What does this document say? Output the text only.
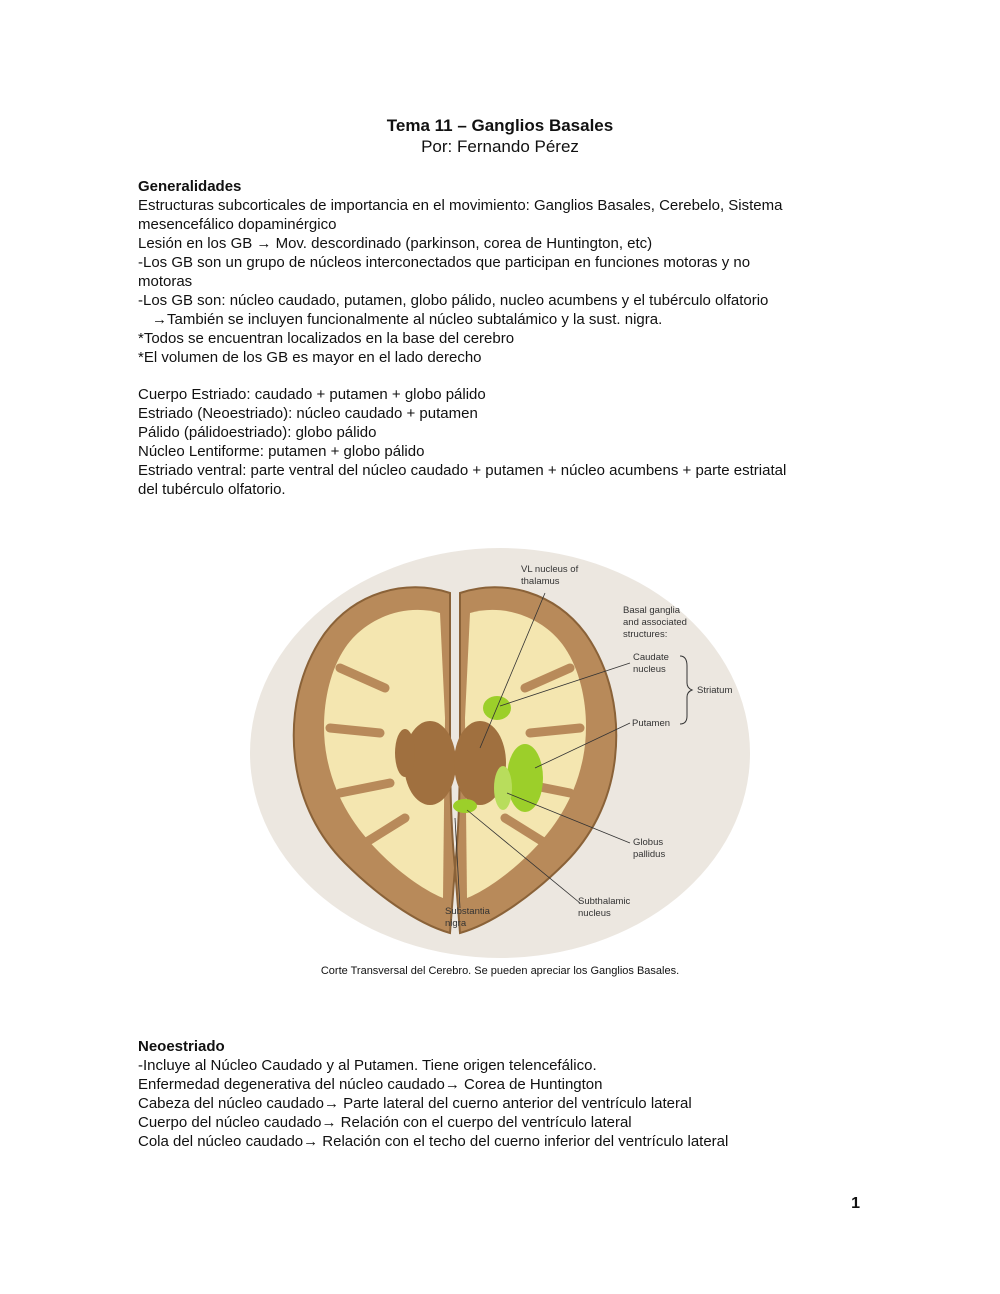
Tema 11 – Ganglios Basales
Por: Fernando Pérez
Generalidades
Estructuras subcorticales de importancia en el movimiento: Ganglios Basales, Cerebelo, Sistema
mesencefálico dopaminérgico
Lesión en los GB → Mov. descordinado (parkinson, corea de Huntington, etc)
-Los GB son un grupo de núcleos interconectados que participan en funciones motoras y no
motoras
-Los GB son: núcleo caudado, putamen, globo pálido, nucleo acumbens y el tubérculo olfatorio
→También se incluyen funcionalmente al núcleo subtalámico y la sust. nigra.
*Todos se encuentran localizados en la base del cerebro
*El volumen de los GB es mayor en el lado derecho
Cuerpo Estriado: caudado + putamen + globo pálido
Estriado (Neoestriado): núcleo caudado + putamen
Pálido (pálidoestriado): globo pálido
Núcleo Lentiforme: putamen + globo pálido
Estriado ventral: parte ventral del núcleo caudado + putamen + núcleo acumbens + parte estriatal
del tubérculo olfatorio.
VL nucleus of
thalamus
Basal ganglia
and associated
structures:
Caudate
nucleus
Striatum
Putamen
Globus
pallidus
Subthalamic
nucleus
Substantia
nigra
Corte Transversal del Cerebro. Se pueden apreciar los Ganglios Basales.
Neoestriado
-Incluye al Núcleo Caudado y al Putamen. Tiene origen telencefálico.
Enfermedad degenerativa del núcleo caudado→ Corea de Huntington
Cabeza del núcleo caudado→ Parte lateral del cuerno anterior del ventrículo lateral
Cuerpo del núcleo caudado→ Relación con el cuerpo del ventrículo lateral
Cola del núcleo caudado→ Relación con el techo del cuerno inferior del ventrículo lateral
1
